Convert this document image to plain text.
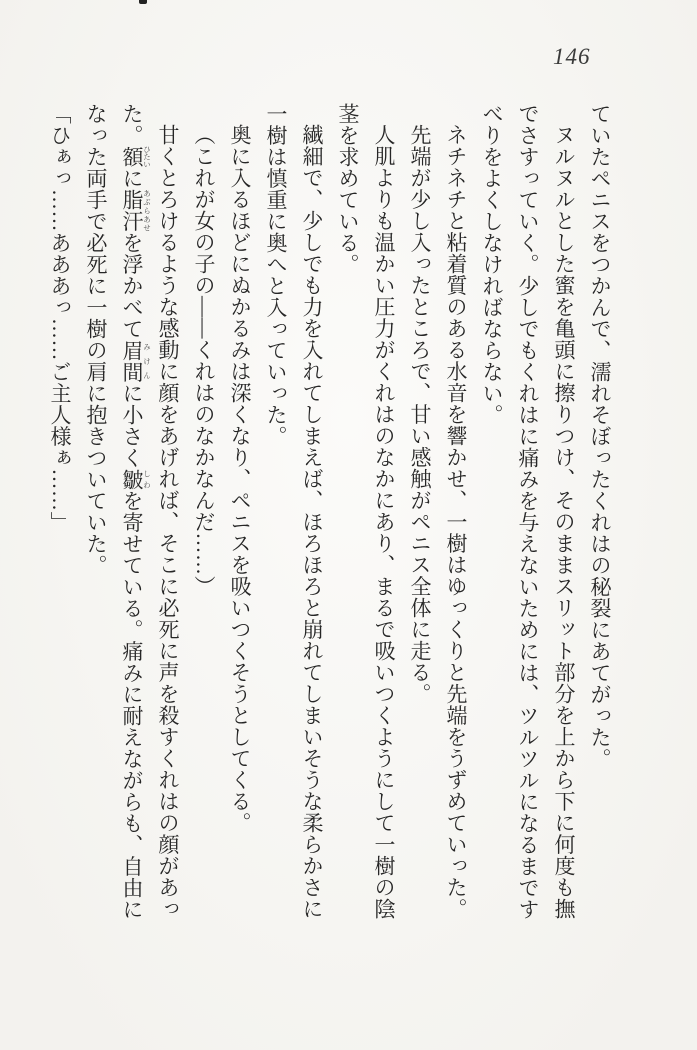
146

ていたペニスをつかんで、濡れそぼったくれはの秘裂にあてがった。

ヌルヌルとした蜜を亀頭に擦りつけ、そのままスリット部分を上から下に何度も撫でさすっていく。少しでもくれはに痛みを与えないためには、ツルツルになるまですべりをよくしなければならない。

ネチネチと粘着質のある水音を響かせ、一樹はゆっくりと先端をうずめていった。

先端が少し入ったところで、甘い感触がペニス全体に走る。

人肌よりも温かい圧力がくれはのなかにあり、まるで吸いつくようにして一樹の陰茎を求めている。

繊細で、少しでも力を入れてしまえば、ほろほろと崩れてしまいそうな柔らかさに一樹は慎重に奥へと入っていった。

奥に入るほどにぬかるみは深くなり、ペニスを吸いつくそうとしてくる。

（これが女の子の――くれはのなかなんだ……）

甘くとろけるような感動に顔をあげれば、そこに必死に声を殺すくれはの顔があった。額ひたいに脂汗あぶらあせを浮かべて眉間みけんに小さく皺しわを寄せている。痛みに耐えながらも、自由になった両手で必死に一樹の肩に抱きついていた。

「ひぁっ……あああっ……ご主人様ぁ……」
